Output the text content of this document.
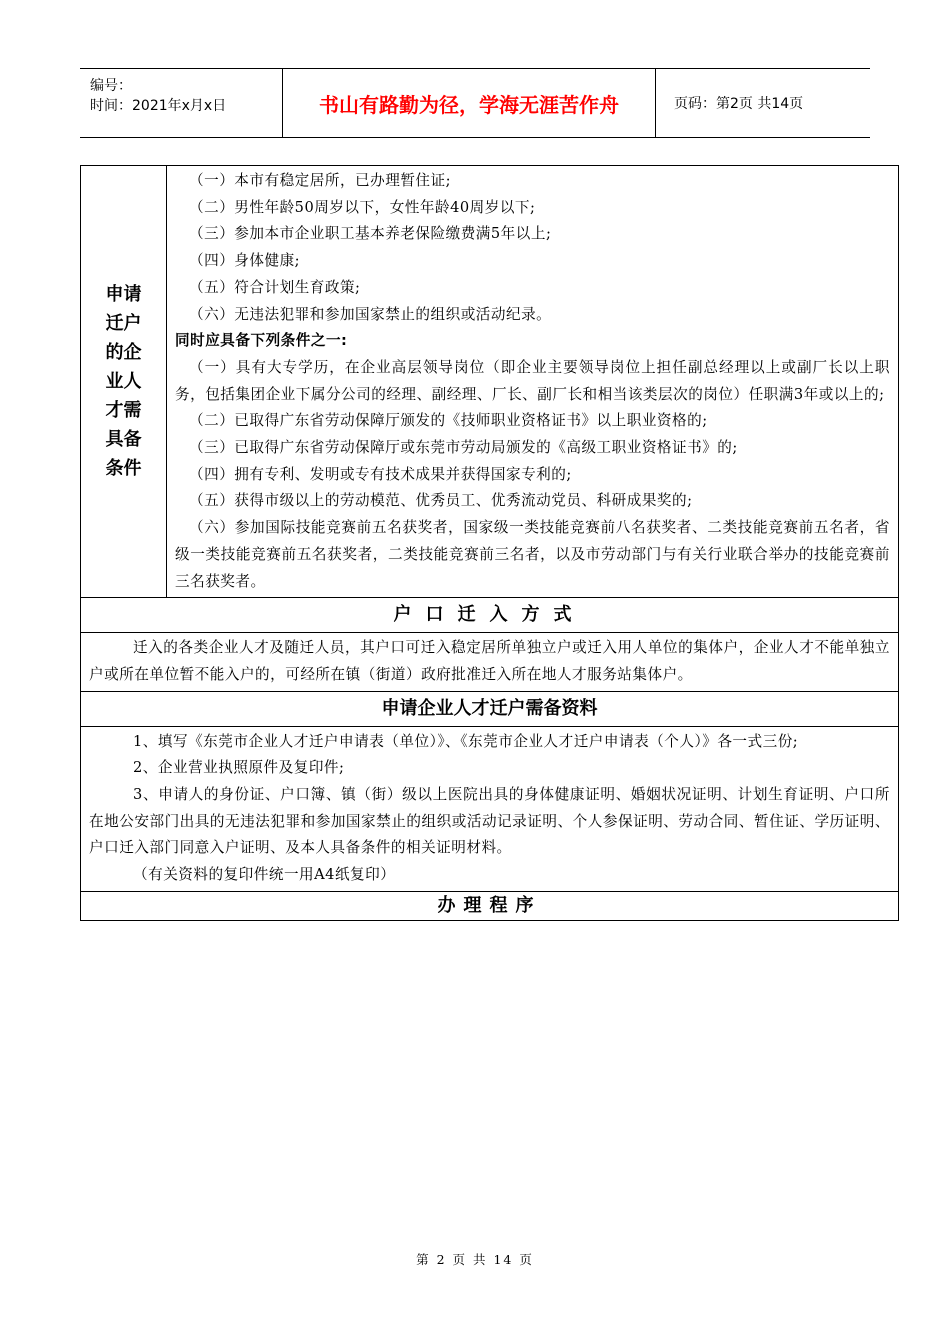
编号：
时间：2021年x月x日	书山有路勤为径，学海无涯苦作舟	页码：第2页 共14页
申请
迁户
的企
业人
才需
具备
条件

（一）本市有稳定居所，已办理暂住证;

（二）男性年龄50周岁以下，女性年龄40周岁以下;

（三）参加本市企业职工基本养老保险缴费满5年以上;

（四）身体健康;

（五）符合计划生育政策;

（六）无违法犯罪和参加国家禁止的组织或活动纪录。

同时应具备下列条件之一:

（一）具有大专学历，在企业高层领导岗位（即企业主要领导岗位上担任副总经理以上或副厂长以上职务，包括集团企业下属分公司的经理、副经理、厂长、副厂长和相当该类层次的岗位）任职满3年或以上的;

（二）已取得广东省劳动保障厅颁发的《技师职业资格证书》以上职业资格的;

（三）已取得广东省劳动保障厅或东莞市劳动局颁发的《高级工职业资格证书》的;

（四）拥有专利、发明或专有技术成果并获得国家专利的;

（五）获得市级以上的劳动模范、优秀员工、优秀流动党员、科研成果奖的;

（六）参加国际技能竞赛前五名获奖者，国家级一类技能竞赛前八名获奖者、二类技能竞赛前五名者，省级一类技能竞赛前五名获奖者，二类技能竞赛前三名者，以及市劳动部门与有关行业联合举办的技能竞赛前三名获奖者。

户口迁入方式

迁入的各类企业人才及随迁人员，其户口可迁入稳定居所单独立户或迁入用人单位的集体户，企业人才不能单独立户或所在单位暂不能入户的，可经所在镇（街道）政府批准迁入所在地人才服务站集体户。

申请企业人才迁户需备资料

1、填写《东莞市企业人才迁户申请表（单位）》、《东莞市企业人才迁户申请表（个人）》各一式三份;

2、企业营业执照原件及复印件;

3、申请人的身份证、户口簿、镇（街）级以上医院出具的身体健康证明、婚姻状况证明、计划生育证明、户口所在地公安部门出具的无违法犯罪和参加国家禁止的组织或活动记录证明、个人参保证明、劳动合同、暂住证、学历证明、户口迁入部门同意入户证明、及本人具备条件的相关证明材料。

（有关资料的复印件统一用A4纸复印）

办理程序
第 2 页 共 14 页
